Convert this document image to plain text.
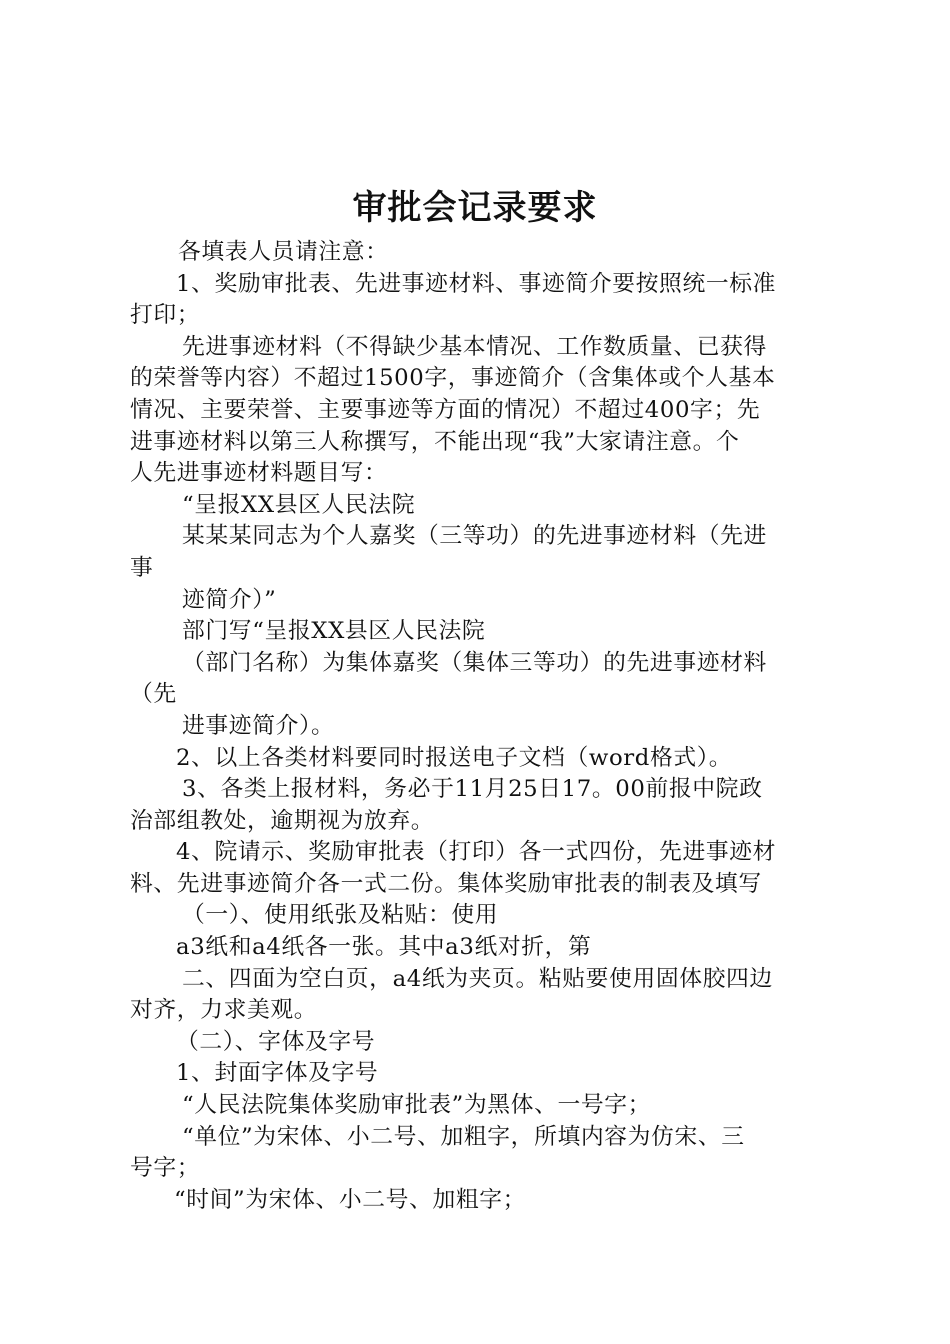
审批会记录要求

各填表人员请注意：

1、奖励审批表、先进事迹材料、事迹简介要按照统一标准

打印；

先进事迹材料（不得缺少基本情况、工作数质量、已获得

的荣誉等内容）不超过1500字，事迹简介（含集体或个人基本

情况、主要荣誉、主要事迹等方面的情况）不超过400字；先

进事迹材料以第三人称撰写，不能出现“我”大家请注意。个

人先进事迹材料题目写：

“呈报XX县区人民法院

某某某同志为个人嘉奖（三等功）的先进事迹材料（先进

事

迹简介）”

部门写“呈报XX县区人民法院

（部门名称）为集体嘉奖（集体三等功）的先进事迹材料

（先

进事迹简介）。

2、以上各类材料要同时报送电子文档（word格式）。

3、各类上报材料，务必于11月25日17。00前报中院政

治部组教处，逾期视为放弃。

4、院请示、奖励审批表（打印）各一式四份，先进事迹材

料、先进事迹简介各一式二份。集体奖励审批表的制表及填写

（一）、使用纸张及粘贴：使用

a3纸和a4纸各一张。其中a3纸对折，第

二、四面为空白页，a4纸为夹页。粘贴要使用固体胶四边

对齐，力求美观。

（二）、字体及字号

1、封面字体及字号

“人民法院集体奖励审批表”为黑体、一号字；

“单位”为宋体、小二号、加粗字，所填内容为仿宋、三

号字；

“时间”为宋体、小二号、加粗字；
